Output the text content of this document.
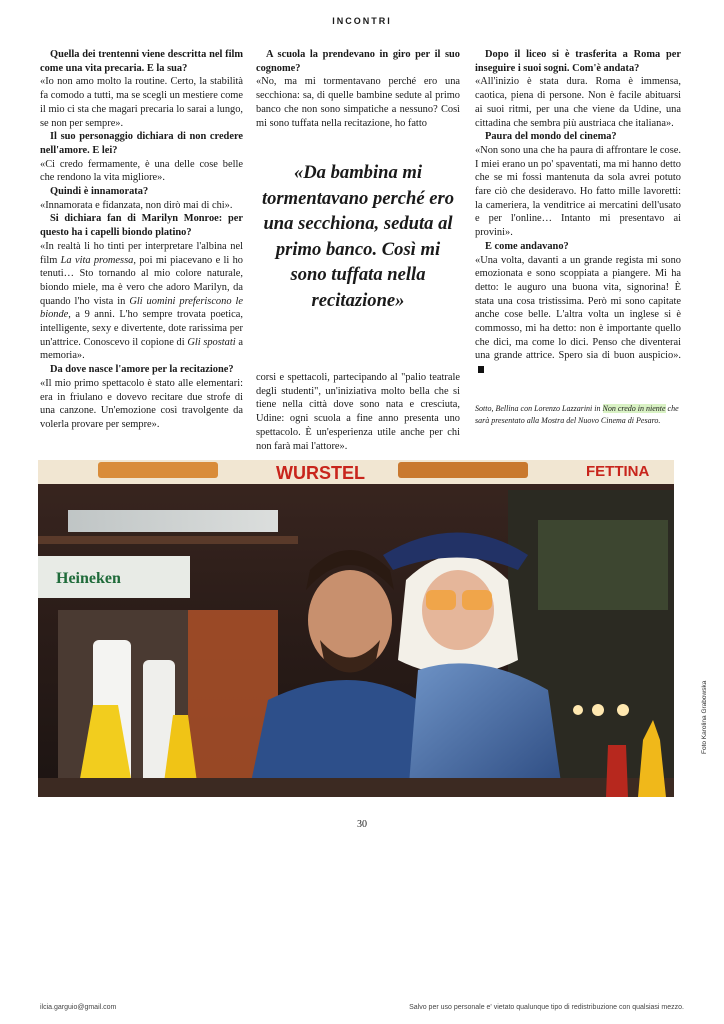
INCONTRI

Quella dei trentenni viene descritta nel film come una vita precaria. E la sua?

«Io non amo molto la routine. Certo, la stabilità fa comodo a tutti, ma se scegli un mestiere come il mio ci sta che magari precaria lo sarai a lungo, se non per sempre».

Il suo personaggio dichiara di non credere nell'amore. E lei?

«Ci credo fermamente, è una delle cose belle che rendono la vita migliore».

Quindi è innamorata?

«Innamorata e fidanzata, non dirò mai di chi».

Si dichiara fan di Marilyn Monroe: per questo ha i capelli biondo platino?

«In realtà li ho tinti per interpretare l'albina nel film La vita promessa, poi mi piacevano e li ho tenuti… Sto tornando al mio colore naturale, biondo miele, ma è vero che adoro Marilyn, da quando l'ho vista in Gli uomini preferiscono le bionde, a 9 anni. L'ho sempre trovata poetica, intelligente, sexy e divertente, dote rarissima per un'attrice. Conoscevo il copione di Gli spostati a memoria».

Da dove nasce l'amore per la recitazione?

«Il mio primo spettacolo è stato alle elementari: era in friulano e dovevo recitare due strofe di una canzone. Un'emozione così travolgente da volerla provare per sempre».

A scuola la prendevano in giro per il suo cognome?

«No, ma mi tormentavano perché ero una secchiona: sa, di quelle bambine sedute al primo banco che non sono simpatiche a nessuno? Così mi sono tuffata nella recitazione, ho fatto

«Da bambina mi tormentavano perché ero una secchiona, seduta al primo banco. Così mi sono tuffata nella recitazione»

corsi e spettacoli, partecipando al "palio teatrale degli studenti", un'iniziativa molto bella che si tiene nella città dove sono nata e cresciuta, Udine: ogni scuola a fine anno presenta uno spettacolo. È un'esperienza utile anche per chi non farà mai l'attore».

Dopo il liceo si è trasferita a Roma per inseguire i suoi sogni. Com'è andata?

«All'inizio è stata dura. Roma è immensa, caotica, piena di persone. Non è facile abituarsi ai suoi ritmi, per una che viene da Udine, una cittadina che sembra più austriaca che italiana».

Paura del mondo del cinema?

«Non sono una che ha paura di affrontare le cose. I miei erano un po' spaventati, ma mi hanno detto che se mi fossi mantenuta da sola avrei potuto fare ciò che desideravo. Ho fatto mille lavoretti: la cameriera, la venditrice ai mercatini dell'usato e per l'online… Intanto mi presentavo ai provini».

E come andavano?

«Una volta, davanti a un grande regista mi sono emozionata e sono scoppiata a piangere. Mi ha detto: le auguro una buona vita, signorina! È stata una cosa tristissima. Però mi sono capitate anche cose belle. L'altra volta un inglese si è commosso, mi ha detto: non è importante quello che dici, ma come lo dici. Penso che diventerai una grande attrice. Spero sia di buon auspicio».

Sotto, Bellina con Lorenzo Lazzarini in Non credo in niente che sarà presentato alla Mostra del Nuovo Cinema di Pesaro.
WURSTEL	FETTINA
Heineken
Foto Karolina Grabowska
30
ilcia.garguio@gmail.com	Salvo per uso personale e' vietato qualunque tipo di redistribuzione con qualsiasi mezzo.
